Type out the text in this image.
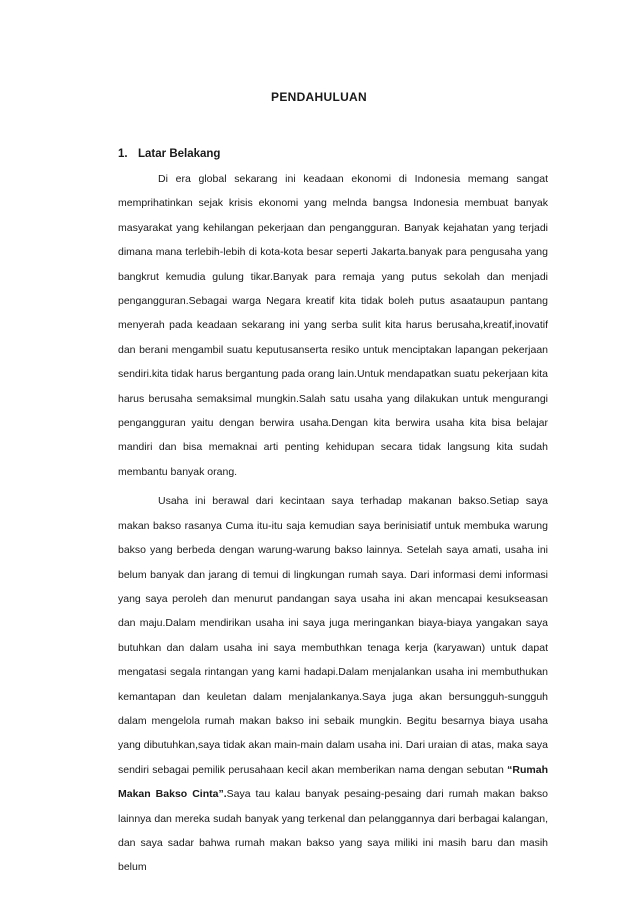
PENDAHULUAN
1. Latar Belakang

Di era global sekarang ini keadaan ekonomi di Indonesia memang sangat memprihatinkan sejak krisis ekonomi yang melnda bangsa Indonesia membuat banyak masyarakat yang kehilangan pekerjaan dan pengangguran. Banyak kejahatan yang terjadi dimana mana terlebih-lebih di kota-kota besar seperti Jakarta.banyak para pengusaha yang bangkrut kemudia gulung tikar.Banyak para remaja yang putus sekolah dan menjadi pengangguran.Sebagai warga Negara kreatif kita tidak boleh putus asaataupun pantang menyerah pada keadaan sekarang ini yang serba sulit kita harus berusaha,kreatif,inovatif dan berani mengambil suatu keputusanserta resiko untuk menciptakan lapangan pekerjaan sendiri.kita tidak harus bergantung pada orang lain.Untuk mendapatkan suatu pekerjaan kita harus berusaha semaksimal mungkin.Salah satu usaha yang dilakukan untuk mengurangi pengangguran yaitu dengan berwira usaha.Dengan kita berwira usaha kita bisa belajar mandiri dan bisa memaknai arti penting kehidupan secara tidak langsung kita sudah membantu banyak orang.

Usaha ini berawal dari kecintaan saya terhadap makanan bakso.Setiap saya makan bakso rasanya Cuma itu-itu saja kemudian saya berinisiatif untuk membuka warung bakso yang berbeda dengan warung-warung bakso lainnya. Setelah saya amati, usaha ini belum banyak dan jarang di temui di lingkungan rumah saya. Dari informasi demi informasi yang saya peroleh dan menurut pandangan saya usaha ini akan mencapai kesukseasan dan maju.Dalam mendirikan usaha ini saya juga meringankan biaya-biaya yangakan saya butuhkan dan dalam usaha ini saya membuthkan tenaga kerja (karyawan) untuk dapat mengatasi segala rintangan yang kami hadapi.Dalam menjalankan usaha ini membuthukan kemantapan dan keuletan dalam menjalankanya.Saya juga akan bersungguh-sungguh dalam mengelola rumah makan bakso ini sebaik mungkin. Begitu besarnya biaya usaha yang dibutuhkan,saya tidak akan main-main dalam usaha ini. Dari uraian di atas, maka saya sendiri sebagai pemilik perusahaan kecil akan memberikan nama dengan sebutan “Rumah Makan Bakso Cinta”.Saya tau kalau banyak pesaing-pesaing dari rumah makan bakso lainnya dan mereka sudah banyak yang terkenal dan pelanggannya dari berbagai kalangan, dan saya sadar bahwa rumah makan bakso yang saya miliki ini masih baru dan masih belum
